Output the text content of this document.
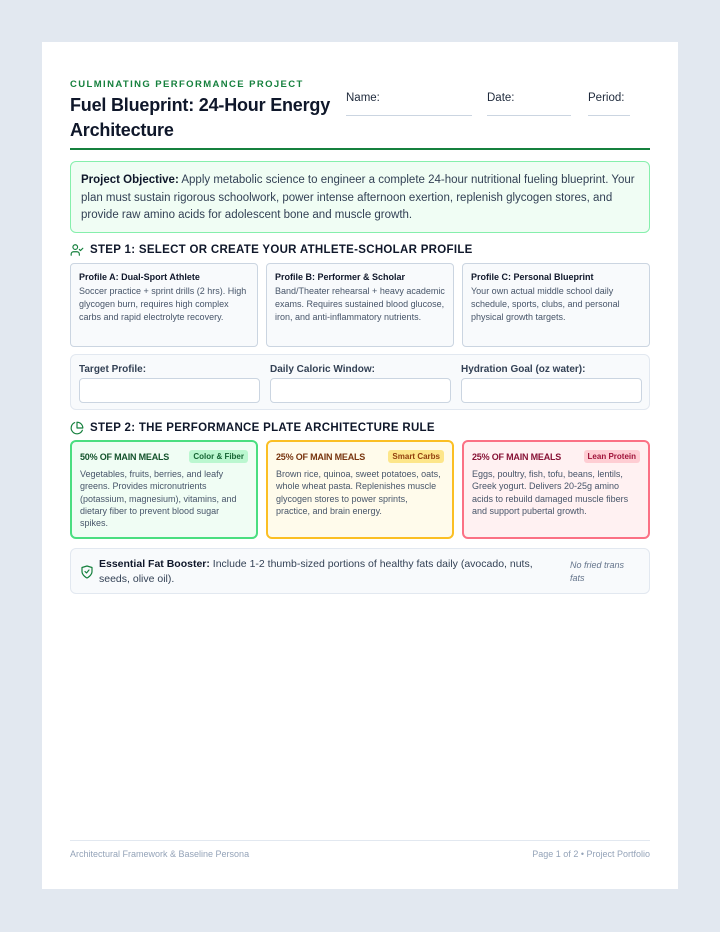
CULMINATING PERFORMANCE PROJECT
Fuel Blueprint: 24-Hour Energy Architecture
Name:	Date:	Period:
Project Objective: Apply metabolic science to engineer a complete 24-hour nutritional fueling blueprint. Your plan must sustain rigorous schoolwork, power intense afternoon exertion, replenish glycogen stores, and provide raw amino acids for adolescent bone and muscle growth.
STEP 1: SELECT OR CREATE YOUR ATHLETE-SCHOLAR PROFILE
Profile A: Dual-Sport Athlete
Soccer practice + sprint drills (2 hrs). High glycogen burn, requires high complex carbs and rapid electrolyte recovery.
Profile B: Performer & Scholar
Band/Theater rehearsal + heavy academic exams. Requires sustained blood glucose, iron, and anti-inflammatory nutrients.
Profile C: Personal Blueprint
Your own actual middle school daily schedule, sports, clubs, and personal physical growth targets.
Target Profile:	Daily Caloric Window:	Hydration Goal (oz water):
STEP 2: THE PERFORMANCE PLATE ARCHITECTURE RULE
50% OF MAIN MEALS	Color & Fiber
Vegetables, fruits, berries, and leafy greens. Provides micronutrients (potassium, magnesium), vitamins, and dietary fiber to prevent blood sugar spikes.
25% OF MAIN MEALS	Smart Carbs
Brown rice, quinoa, sweet potatoes, oats, whole wheat pasta. Replenishes muscle glycogen stores to power sprints, practice, and brain energy.
25% OF MAIN MEALS	Lean Protein
Eggs, poultry, fish, tofu, beans, lentils, Greek yogurt. Delivers 20-25g amino acids to rebuild damaged muscle fibers and support pubertal growth.
Essential Fat Booster: Include 1-2 thumb-sized portions of healthy fats daily (avocado, nuts, seeds, olive oil).
No fried trans fats
Architectural Framework & Baseline Persona	Page 1 of 2 • Project Portfolio
